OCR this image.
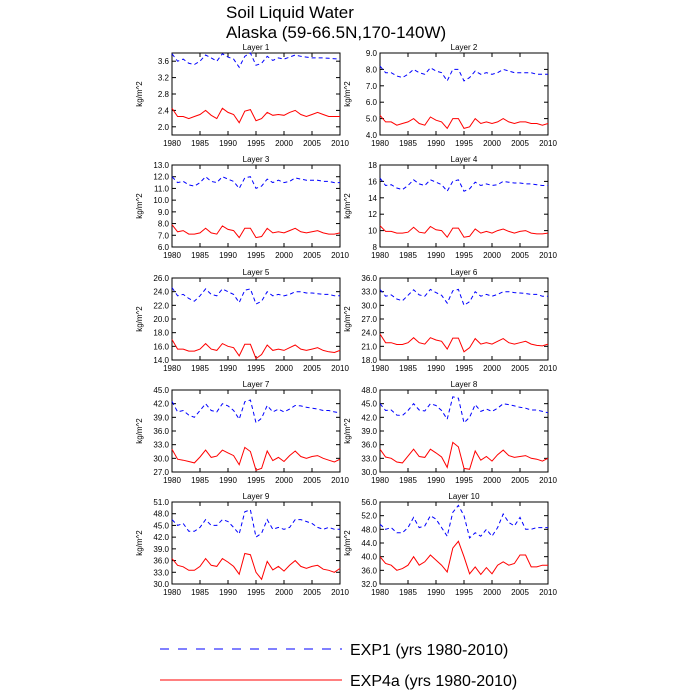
Soil Liquid Water
Alaska (59-66.5N,170-140W)
Layer 1
kg/m^2
2.0
2.4
2.8
3.2
3.6
1980 1985 1990 1995 2000 2005 2010
Layer 2
kg/m^2
4.0
5.0
6.0
7.0
8.0
9.0
1980 1985 1990 1995 2000 2005 2010
Layer 3
kg/m^2
6.0
7.0
8.0
9.0
10.0
11.0
12.0
13.0
1980 1985 1990 1995 2000 2005 2010
Layer 4
kg/m^2
8
10
12
14
16
18
1980 1985 1990 1995 2000 2005 2010
Layer 5
kg/m^2
14.0
16.0
18.0
20.0
22.0
24.0
26.0
1980 1985 1990 1995 2000 2005 2010
Layer 6
kg/m^2
18.0
21.0
24.0
27.0
30.0
33.0
36.0
1980 1985 1990 1995 2000 2005 2010
Layer 7
kg/m^2
27.0
30.0
33.0
36.0
39.0
42.0
45.0
1980 1985 1990 1995 2000 2005 2010
Layer 8
kg/m^2
30.0
33.0
36.0
39.0
42.0
45.0
48.0
1980 1985 1990 1995 2000 2005 2010
Layer 9
kg/m^2
30.0
33.0
36.0
39.0
42.0
45.0
48.0
51.0
1980 1985 1990 1995 2000 2005 2010
Layer 10
kg/m^2
32.0
36.0
40.0
44.0
48.0
52.0
56.0
1980 1985 1990 1995 2000 2005 2010
EXP1 (yrs 1980-2010)
EXP4a (yrs 1980-2010)
